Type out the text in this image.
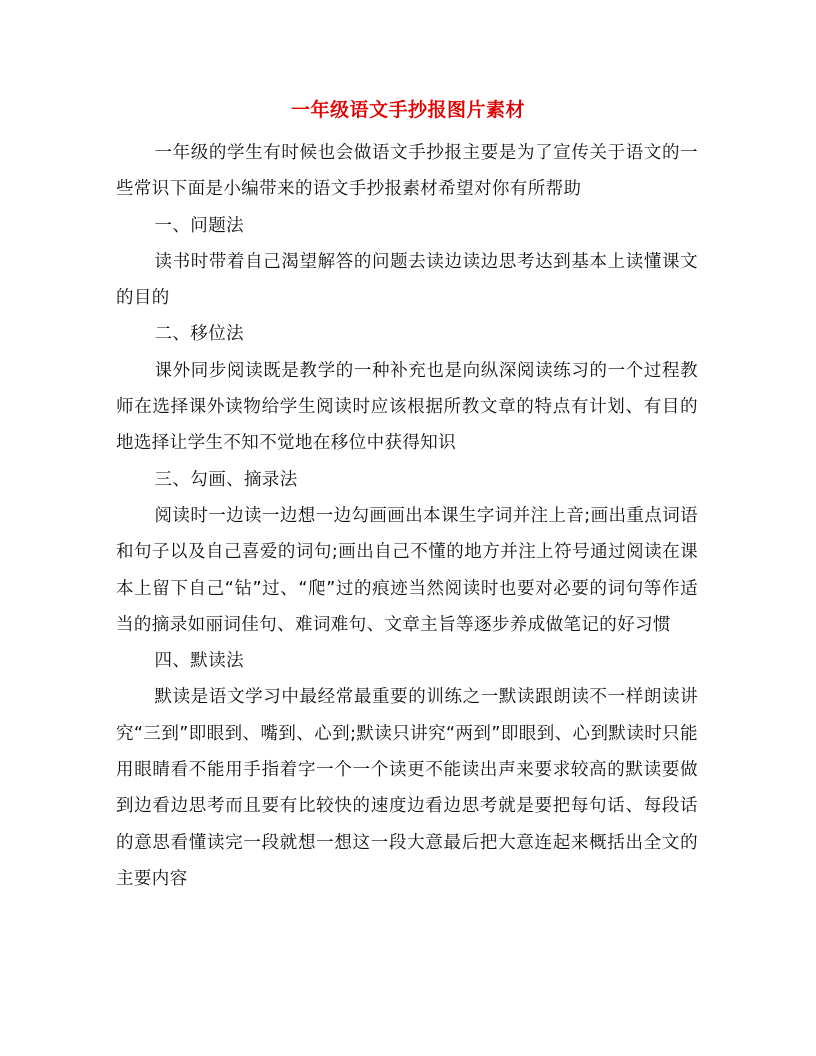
一年级语文手抄报图片素材

一年级的学生有时候也会做语文手抄报主要是为了宣传关于语文的一些常识下面是小编带来的语文手抄报素材希望对你有所帮助

一、问题法

读书时带着自己渴望解答的问题去读边读边思考达到基本上读懂课文的目的

二、移位法

课外同步阅读既是教学的一种补充也是向纵深阅读练习的一个过程教师在选择课外读物给学生阅读时应该根据所教文章的特点有计划、有目的地选择让学生不知不觉地在移位中获得知识

三、勾画、摘录法

阅读时一边读一边想一边勾画画出本课生字词并注上音;画出重点词语和句子以及自己喜爱的词句;画出自己不懂的地方并注上符号通过阅读在课本上留下自己“钻”过、“爬”过的痕迹当然阅读时也要对必要的词句等作适当的摘录如丽词佳句、难词难句、文章主旨等逐步养成做笔记的好习惯

四、默读法

默读是语文学习中最经常最重要的训练之一默读跟朗读不一样朗读讲究“三到”即眼到、嘴到、心到;默读只讲究“两到”即眼到、心到默读时只能用眼睛看不能用手指着字一个一个读更不能读出声来要求较高的默读要做到边看边思考而且要有比较快的速度边看边思考就是要把每句话、每段话的意思看懂读完一段就想一想这一段大意最后把大意连起来概括出全文的主要内容
